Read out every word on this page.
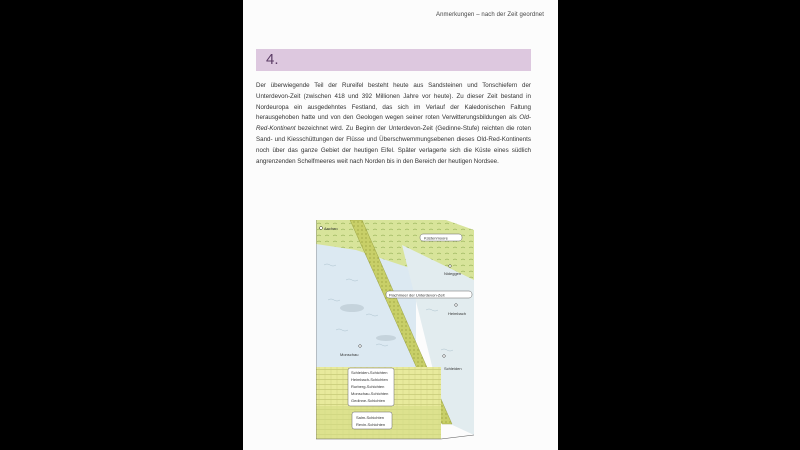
Anmerkungen – nach der Zeit geordnet
4.

Der überwiegende Teil der Rureifel besteht heute aus Sandsteinen und Tonschiefern der Unterdevon-Zeit (zwischen 418 und 392 Millionen Jahre vor heute). Zu dieser Zeit bestand in Nordeuropa ein ausgedehntes Festland, das sich im Verlauf der Kaledonischen Faltung herausgehoben hatte und von den Geologen wegen seiner roten Verwitterungsbildungen als Old-Red-Kontinent bezeichnet wird. Zu Beginn der Unterdevon-Zeit (Gedinne-Stufe) reichten die roten Sand- und Kiesschüttungen der Flüsse und Überschwemmungsebenen dieses Old-Red-Kontinents noch über das ganze Gebiet der heutigen Eifel. Später verlagerte sich die Küste eines südlich angrenzenden Schelfmeeres weit nach Norden bis in den Bereich der heutigen Nordsee.

Aachen
Küstenmoore
Nideggen
Flachmeer der Unterdevon-Zeit
Heimbach
Monschau
Schleiden
Schleiden-Schichten
Heimbach-Schichten
Rurberg-Schichten
Monschau-Schichten
Gedinne-Schichten
Salm-Schichten
Revin-Schichten
